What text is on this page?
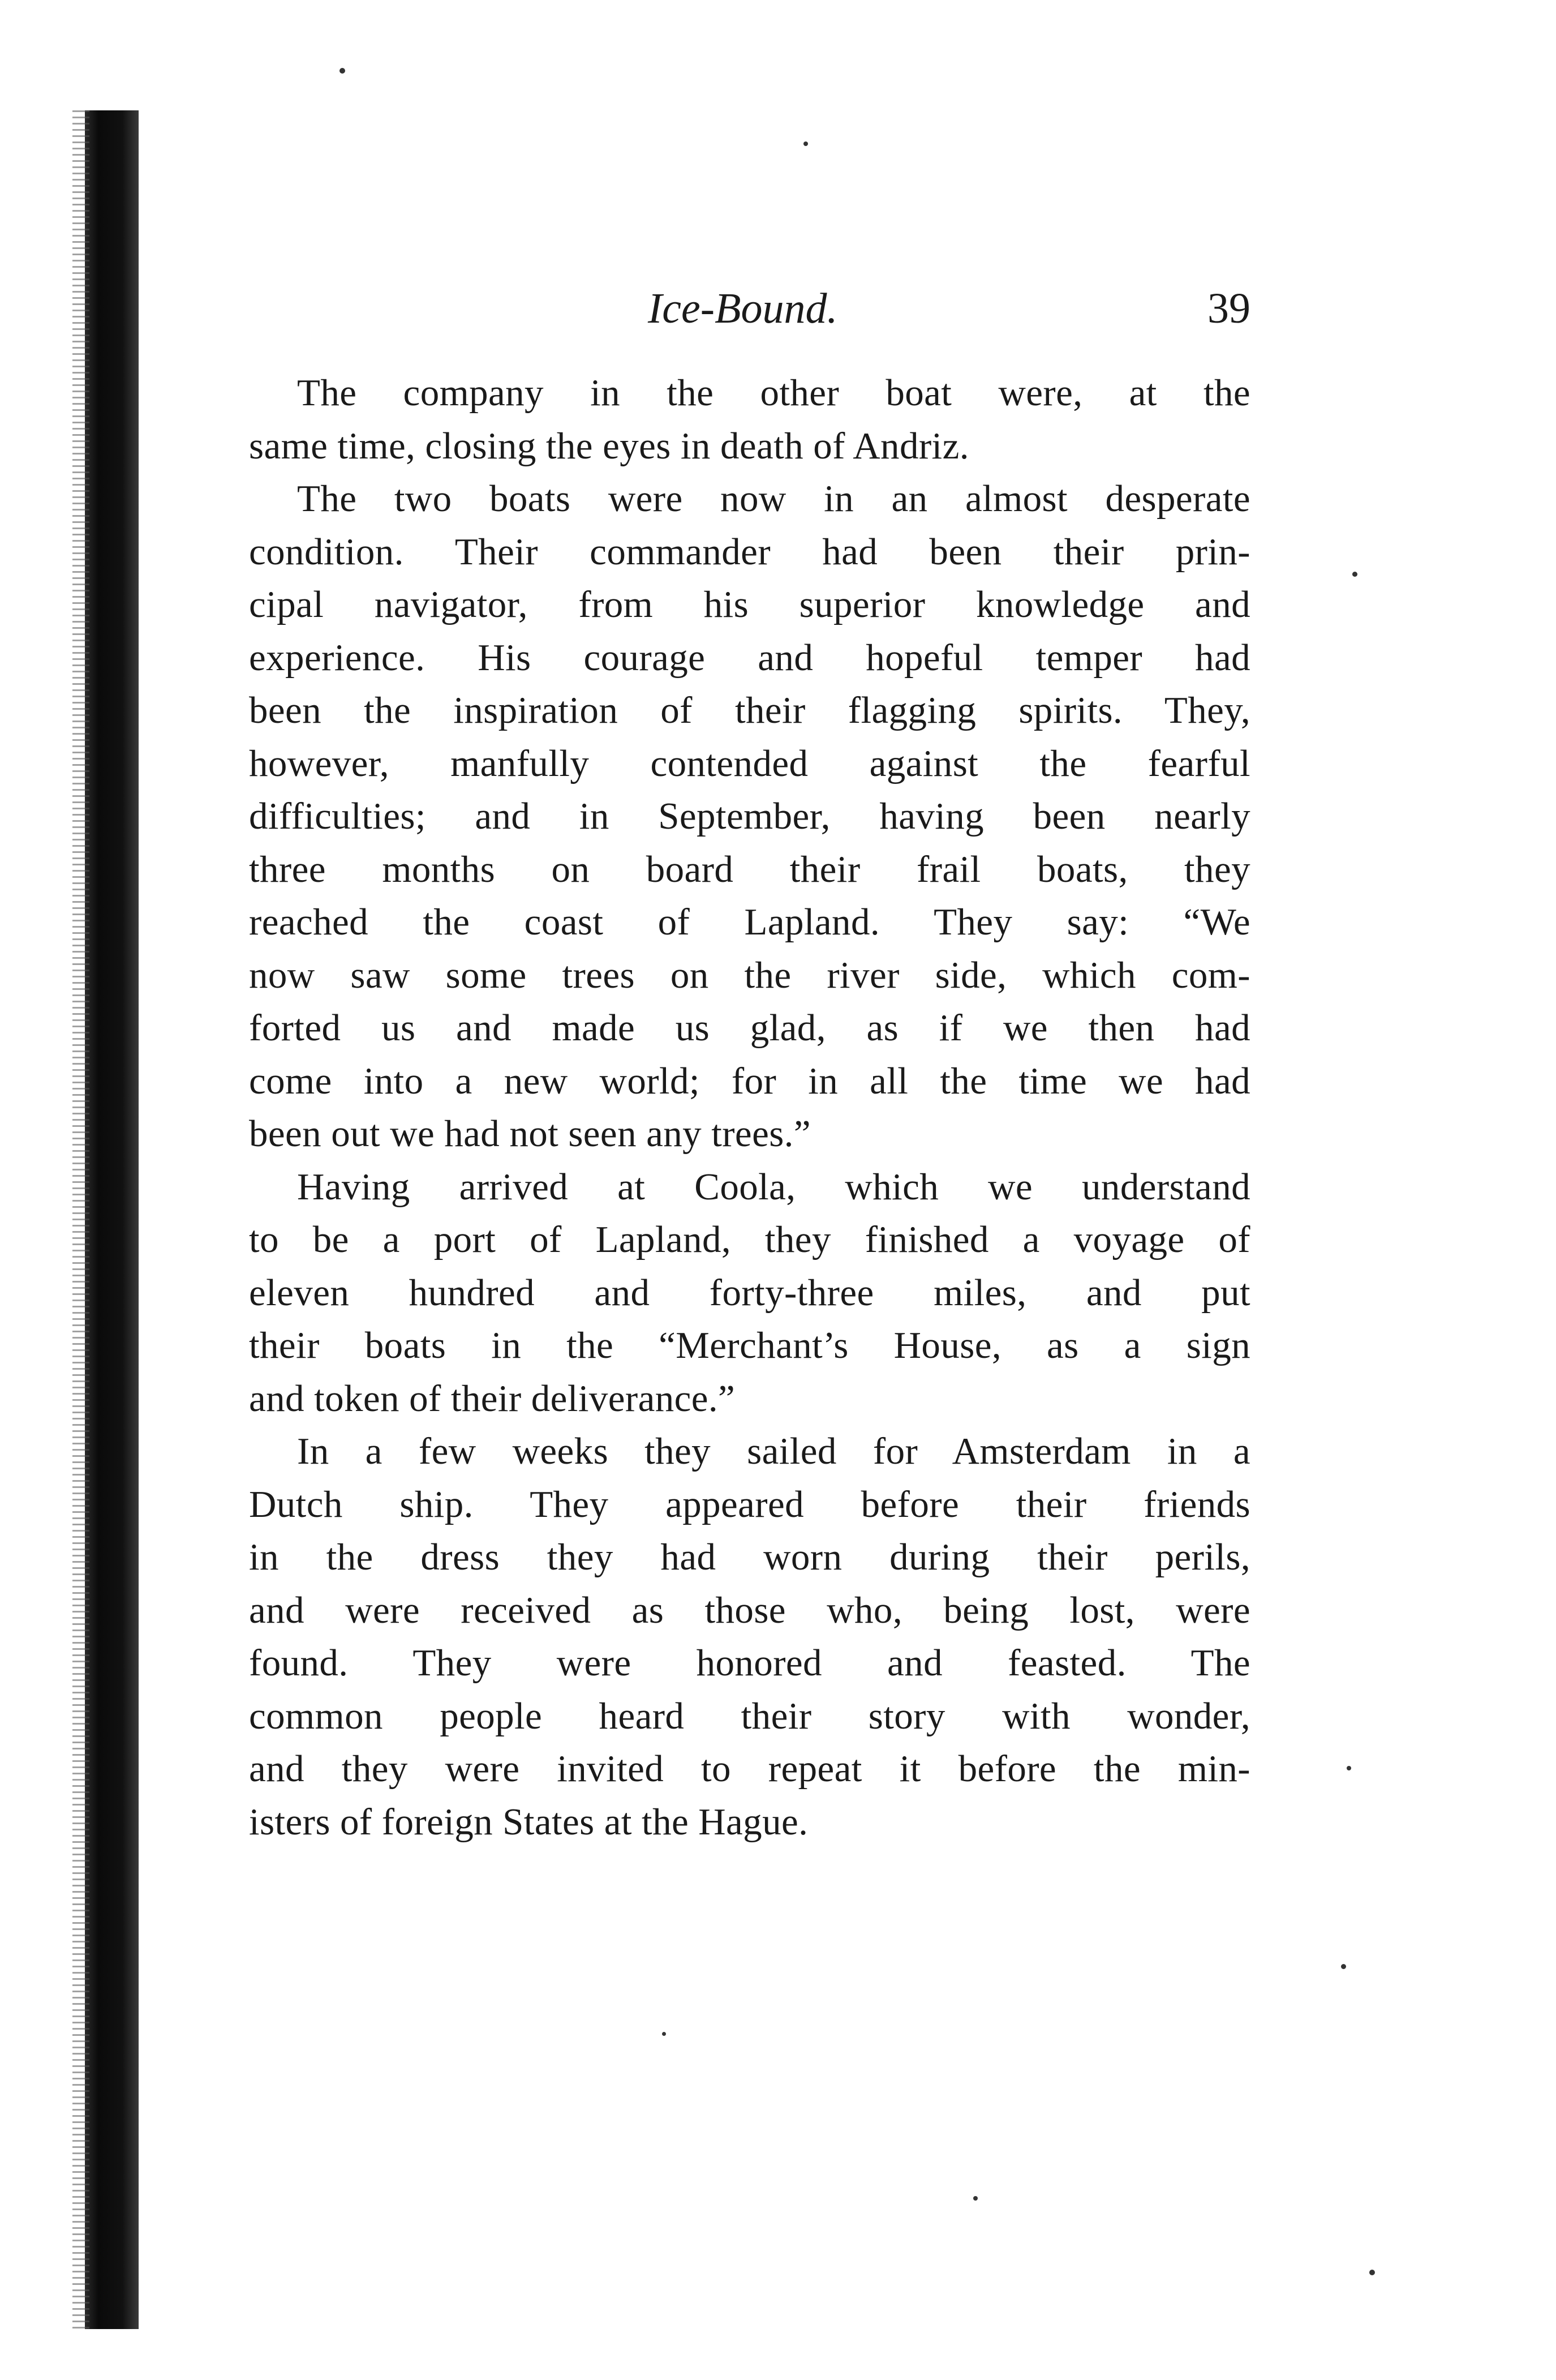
Ice-Bound.	39
The company in the other boat were, at the
same time, closing the eyes in death of Andriz.
The two boats were now in an almost desperate
condition. Their commander had been their prin-
cipal navigator, from his superior knowledge and
experience. His courage and hopeful temper had
been the inspiration of their flagging spirits. They,
however, manfully contended against the fearful
difficulties; and in September, having been nearly
three months on board their frail boats, they
reached the coast of Lapland. They say: “We
now saw some trees on the river side, which com-
forted us and made us glad, as if we then had
come into a new world; for in all the time we had
been out we had not seen any trees.”
Having arrived at Coola, which we understand
to be a port of Lapland, they finished a voyage of
eleven hundred and forty-three miles, and put
their boats in the “Merchant’s House, as a sign
and token of their deliverance.”
In a few weeks they sailed for Amsterdam in a
Dutch ship. They appeared before their friends
in the dress they had worn during their perils,
and were received as those who, being lost, were
found. They were honored and feasted. The
common people heard their story with wonder,
and they were invited to repeat it before the min-
isters of foreign States at the Hague.
